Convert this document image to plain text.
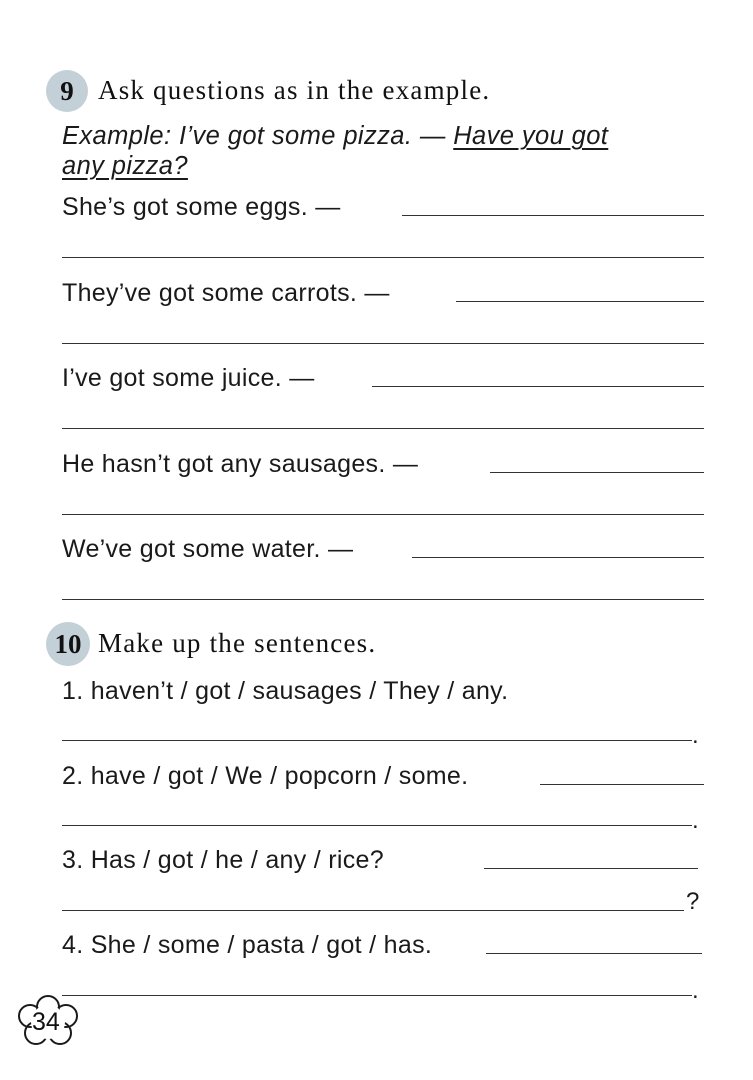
9 Ask questions as in the example.
Example: I’ve got some pizza. — Have you got
any pizza?
She’s got some eggs. —
They’ve got some carrots. —
I’ve got some juice. —
He hasn’t got any sausages. —
We’ve got some water. —
10 Make up the sentences.
1. haven’t / got / sausages / They / any.
.
2. have / got / We / popcorn / some.
.
3. Has / got / he / any / rice?
?
4. She / some / pasta / got / has.
.
34
